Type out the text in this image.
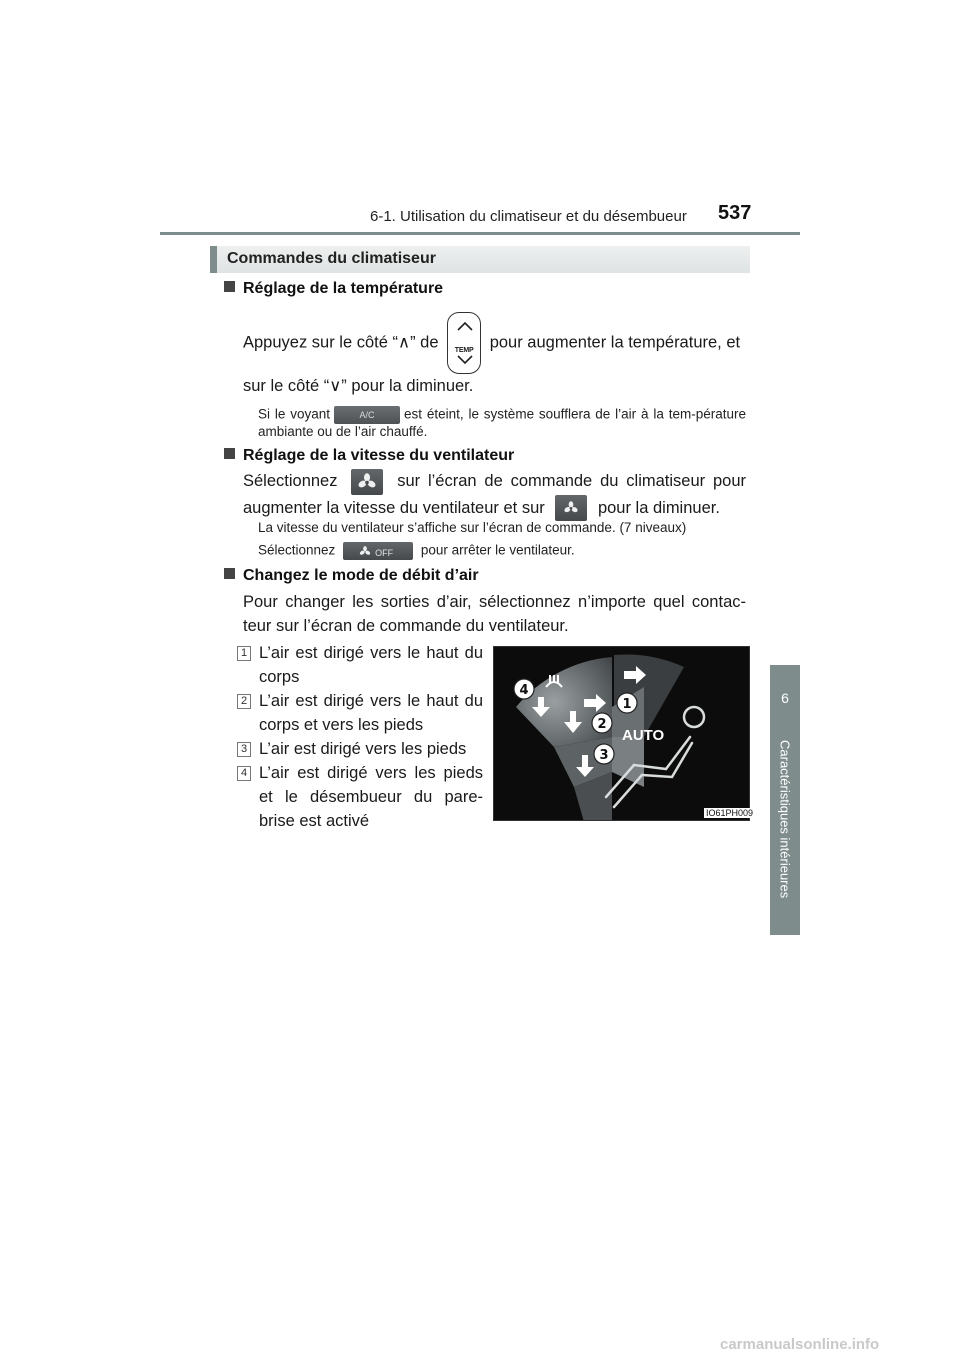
6-1. Utilisation du climatiseur et du désembueur 537
6
Caractéristiques intérieures
Commandes du climatiseur
Réglage de la température
Appuyez sur le côté “∧” de	TEMP pour augmenter la température, et
sur le côté “∨” pour la diminuer.
Si le voyant	A/C est éteint, le système soufflera de l’air à la tem-pérature ambiante ou de l’air chauffé.
Réglage de la vitesse du ventilateur
Sélectionnez	sur l’écran de commande du climatiseur pour augmenter la vitesse du ventilateur et sur	pour la diminuer.
La vitesse du ventilateur s’affiche sur l’écran de commande. (7 niveaux)
Sélectionnez	OFF pour arrêter le ventilateur.
Changez le mode de débit d’air
Pour changer les sorties d’air, sélectionnez n’importe quel contac-teur sur l’écran de commande du ventilateur.
1 L’air est dirigé vers le haut du corps
2 L’air est dirigé vers le haut du corps et vers les pieds
3 L’air est dirigé vers les pieds
4 L’air est dirigé vers les pieds et le désembueur du pare-brise est activé
1
2
3
4
AUTO
IO61PH009
carmanualsonline.info
